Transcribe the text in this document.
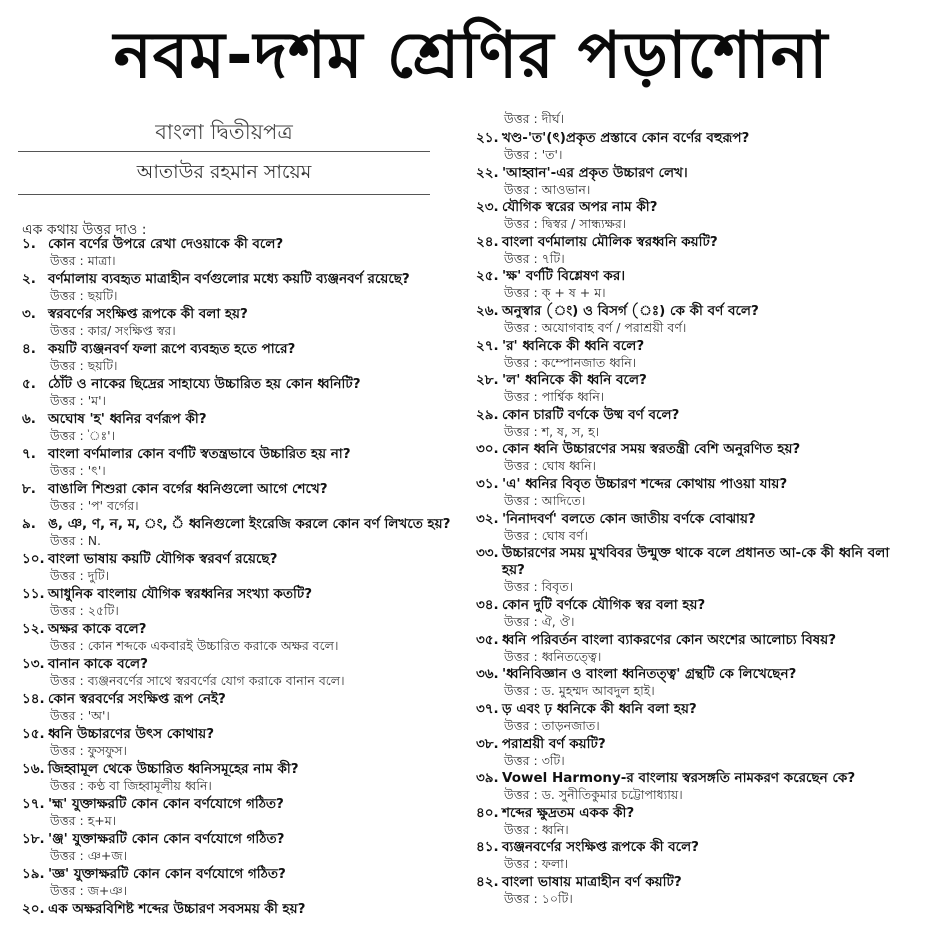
নবম-দশম শ্রেণির পড়াশোনা
বাংলা দ্বিতীয়পত্র
আতাউর রহমান সায়েম
এক কথায় উত্তর দাও :
১. কোন বর্ণের উপরে রেখা দেওয়াকে কী বলে?
উত্তর : মাত্রা।
২. বর্ণমালায় ব্যবহৃত মাত্রাহীন বর্ণগুলোর মধ্যে কয়টি ব্যঞ্জনবর্ণ রয়েছে?
উত্তর : ছয়টি।
৩. স্বরবর্ণের সংক্ষিপ্ত রূপকে কী বলা হয়?
উত্তর : কার/ সংক্ষিপ্ত স্বর।
৪. কয়টি ব্যঞ্জনবর্ণ ফলা রূপে ব্যবহৃত হতে পারে?
উত্তর : ছয়টি।
৫. ঠোঁট ও নাকের ছিদ্রের সাহায্যে উচ্চারিত হয় কোন ধ্বনিটি?
উত্তর : 'ম'।
৬. অঘোষ 'হ' ধ্বনির বর্ণরূপ কী?
উত্তর : 'ঃ'।
৭. বাংলা বর্ণমালার কোন বর্ণটি স্বতন্ত্রভাবে উচ্চারিত হয় না?
উত্তর : 'ৎ'।
৮. বাঙালি শিশুরা কোন বর্গের ধ্বনিগুলো আগে শেখে?
উত্তর : 'প' বর্গের।
৯. ঙ, ঞ, ণ, ন, ম, ং, ঁ ধ্বনিগুলো ইংরেজি করলে কোন বর্ণ লিখতে হয়?
উত্তর : N.
১০. বাংলা ভাষায় কয়টি যৌগিক স্বরবর্ণ রয়েছে?
উত্তর : দুটি।
১১. আধুনিক বাংলায় যৌগিক স্বরধ্বনির সংখ্যা কতটি?
উত্তর : ২৫টি।
১২. অক্ষর কাকে বলে?
উত্তর : কোন শব্দকে একবারই উচ্চারিত করাকে অক্ষর বলে।
১৩. বানান কাকে বলে?
উত্তর : ব্যঞ্জনবর্ণের সাথে স্বরবর্ণের যোগ করাকে বানান বলে।
১৪. কোন স্বরবর্ণের সংক্ষিপ্ত রূপ নেই?
উত্তর : 'অ'।
১৫. ধ্বনি উচ্চারণের উৎস কোথায়?
উত্তর : ফুসফুস।
১৬. জিহ্বামূল থেকে উচ্চারিত ধ্বনিসমূহের নাম কী?
উত্তর : কণ্ঠ বা জিহ্বামূলীয় ধ্বনি।
১৭. 'হ্ম' যুক্তাক্ষরটি কোন কোন বর্ণযোগে গঠিত?
উত্তর : হ+ম।
১৮. 'ঞ্জ' যুক্তাক্ষরটি কোন কোন বর্ণযোগে গঠিত?
উত্তর : ঞ+জ।
১৯. 'জ্ঞ' যুক্তাক্ষরটি কোন কোন বর্ণযোগে গঠিত?
উত্তর : জ+ঞ।
২০. এক অক্ষরবিশিষ্ট শব্দের উচ্চারণ সবসময় কী হয়?
উত্তর : দীর্ঘ।
২১. খণ্ড-'ত'(ৎ)প্রকৃত প্রস্তাবে কোন বর্ণের বহুরূপ?
উত্তর : 'ত'।
২২. 'আহ্বান'-এর প্রকৃত উচ্চারণ লেখ।
উত্তর : আওভান।
২৩. যৌগিক স্বরের অপর নাম কী?
উত্তর : দ্বিস্বর / সান্ধ্যক্ষর।
২৪. বাংলা বর্ণমালায় মৌলিক স্বরধ্বনি কয়টি?
উত্তর : ৭টি।
২৫. 'ক্ষ' বর্ণটি বিশ্লেষণ কর।
উত্তর : ক্ + ষ + ম।
২৬. অনুস্বার (ং) ও বিসর্গ (ঃ) কে কী বর্ণ বলে?
উত্তর : অযোগবাহ বর্ণ / পরাশ্রয়ী বর্ণ।
২৭. 'র' ধ্বনিকে কী ধ্বনি বলে?
উত্তর : কম্পোনজাত ধ্বনি।
২৮. 'ল' ধ্বনিকে কী ধ্বনি বলে?
উত্তর : পার্শ্বিক ধ্বনি।
২৯. কোন চারটি বর্ণকে উষ্ম বর্ণ বলে?
উত্তর : শ, ষ, স, হ।
৩০. কোন ধ্বনি উচ্চারণের সময় স্বরতন্ত্রী বেশি অনুরণিত হয়?
উত্তর : ঘোষ ধ্বনি।
৩১. 'এ' ধ্বনির বিবৃত উচ্চারণ শব্দের কোথায় পাওয়া যায়?
উত্তর : আদিতে।
৩২. 'নিনাদবর্ণ' বলতে কোন জাতীয় বর্ণকে বোঝায়?
উত্তর : ঘোষ বর্ণ।
৩৩. উচ্চারণের সময় মুখবিবর উন্মুক্ত থাকে বলে প্রধানত আ-কে কী ধ্বনি বলা
হয়?
উত্তর : বিবৃত।
৩৪. কোন দুটি বর্ণকে যৌগিক স্বর বলা হয়?
উত্তর : ঐ, ঔ।
৩৫. ধ্বনি পরিবর্তন বাংলা ব্যাকরণের কোন অংশের আলোচ্য বিষয়?
উত্তর : ধ্বনিতত্ত্বে।
৩৬. 'ধ্বনিবিজ্ঞান ও বাংলা ধ্বনিতত্ত্ব' গ্রন্থটি কে লিখেছেন?
উত্তর : ড. মুহম্মদ আবদুল হাই।
৩৭. ড় এবং ঢ় ধ্বনিকে কী ধ্বনি বলা হয়?
উত্তর : তাড়নজাত।
৩৮. পরাশ্রয়ী বর্ণ কয়টি?
উত্তর : ৩টি।
৩৯. Vowel Harmony-র বাংলায় স্বরসঙ্গতি নামকরণ করেছেন কে?
উত্তর : ড. সুনীতিকুমার চট্টোপাধ্যায়।
৪০. শব্দের ক্ষুদ্রতম একক কী?
উত্তর : ধ্বনি।
৪১. ব্যঞ্জনবর্ণের সংক্ষিপ্ত রূপকে কী বলে?
উত্তর : ফলা।
৪২. বাংলা ভাষায় মাত্রাহীন বর্ণ কয়টি?
উত্তর : ১০টি।
